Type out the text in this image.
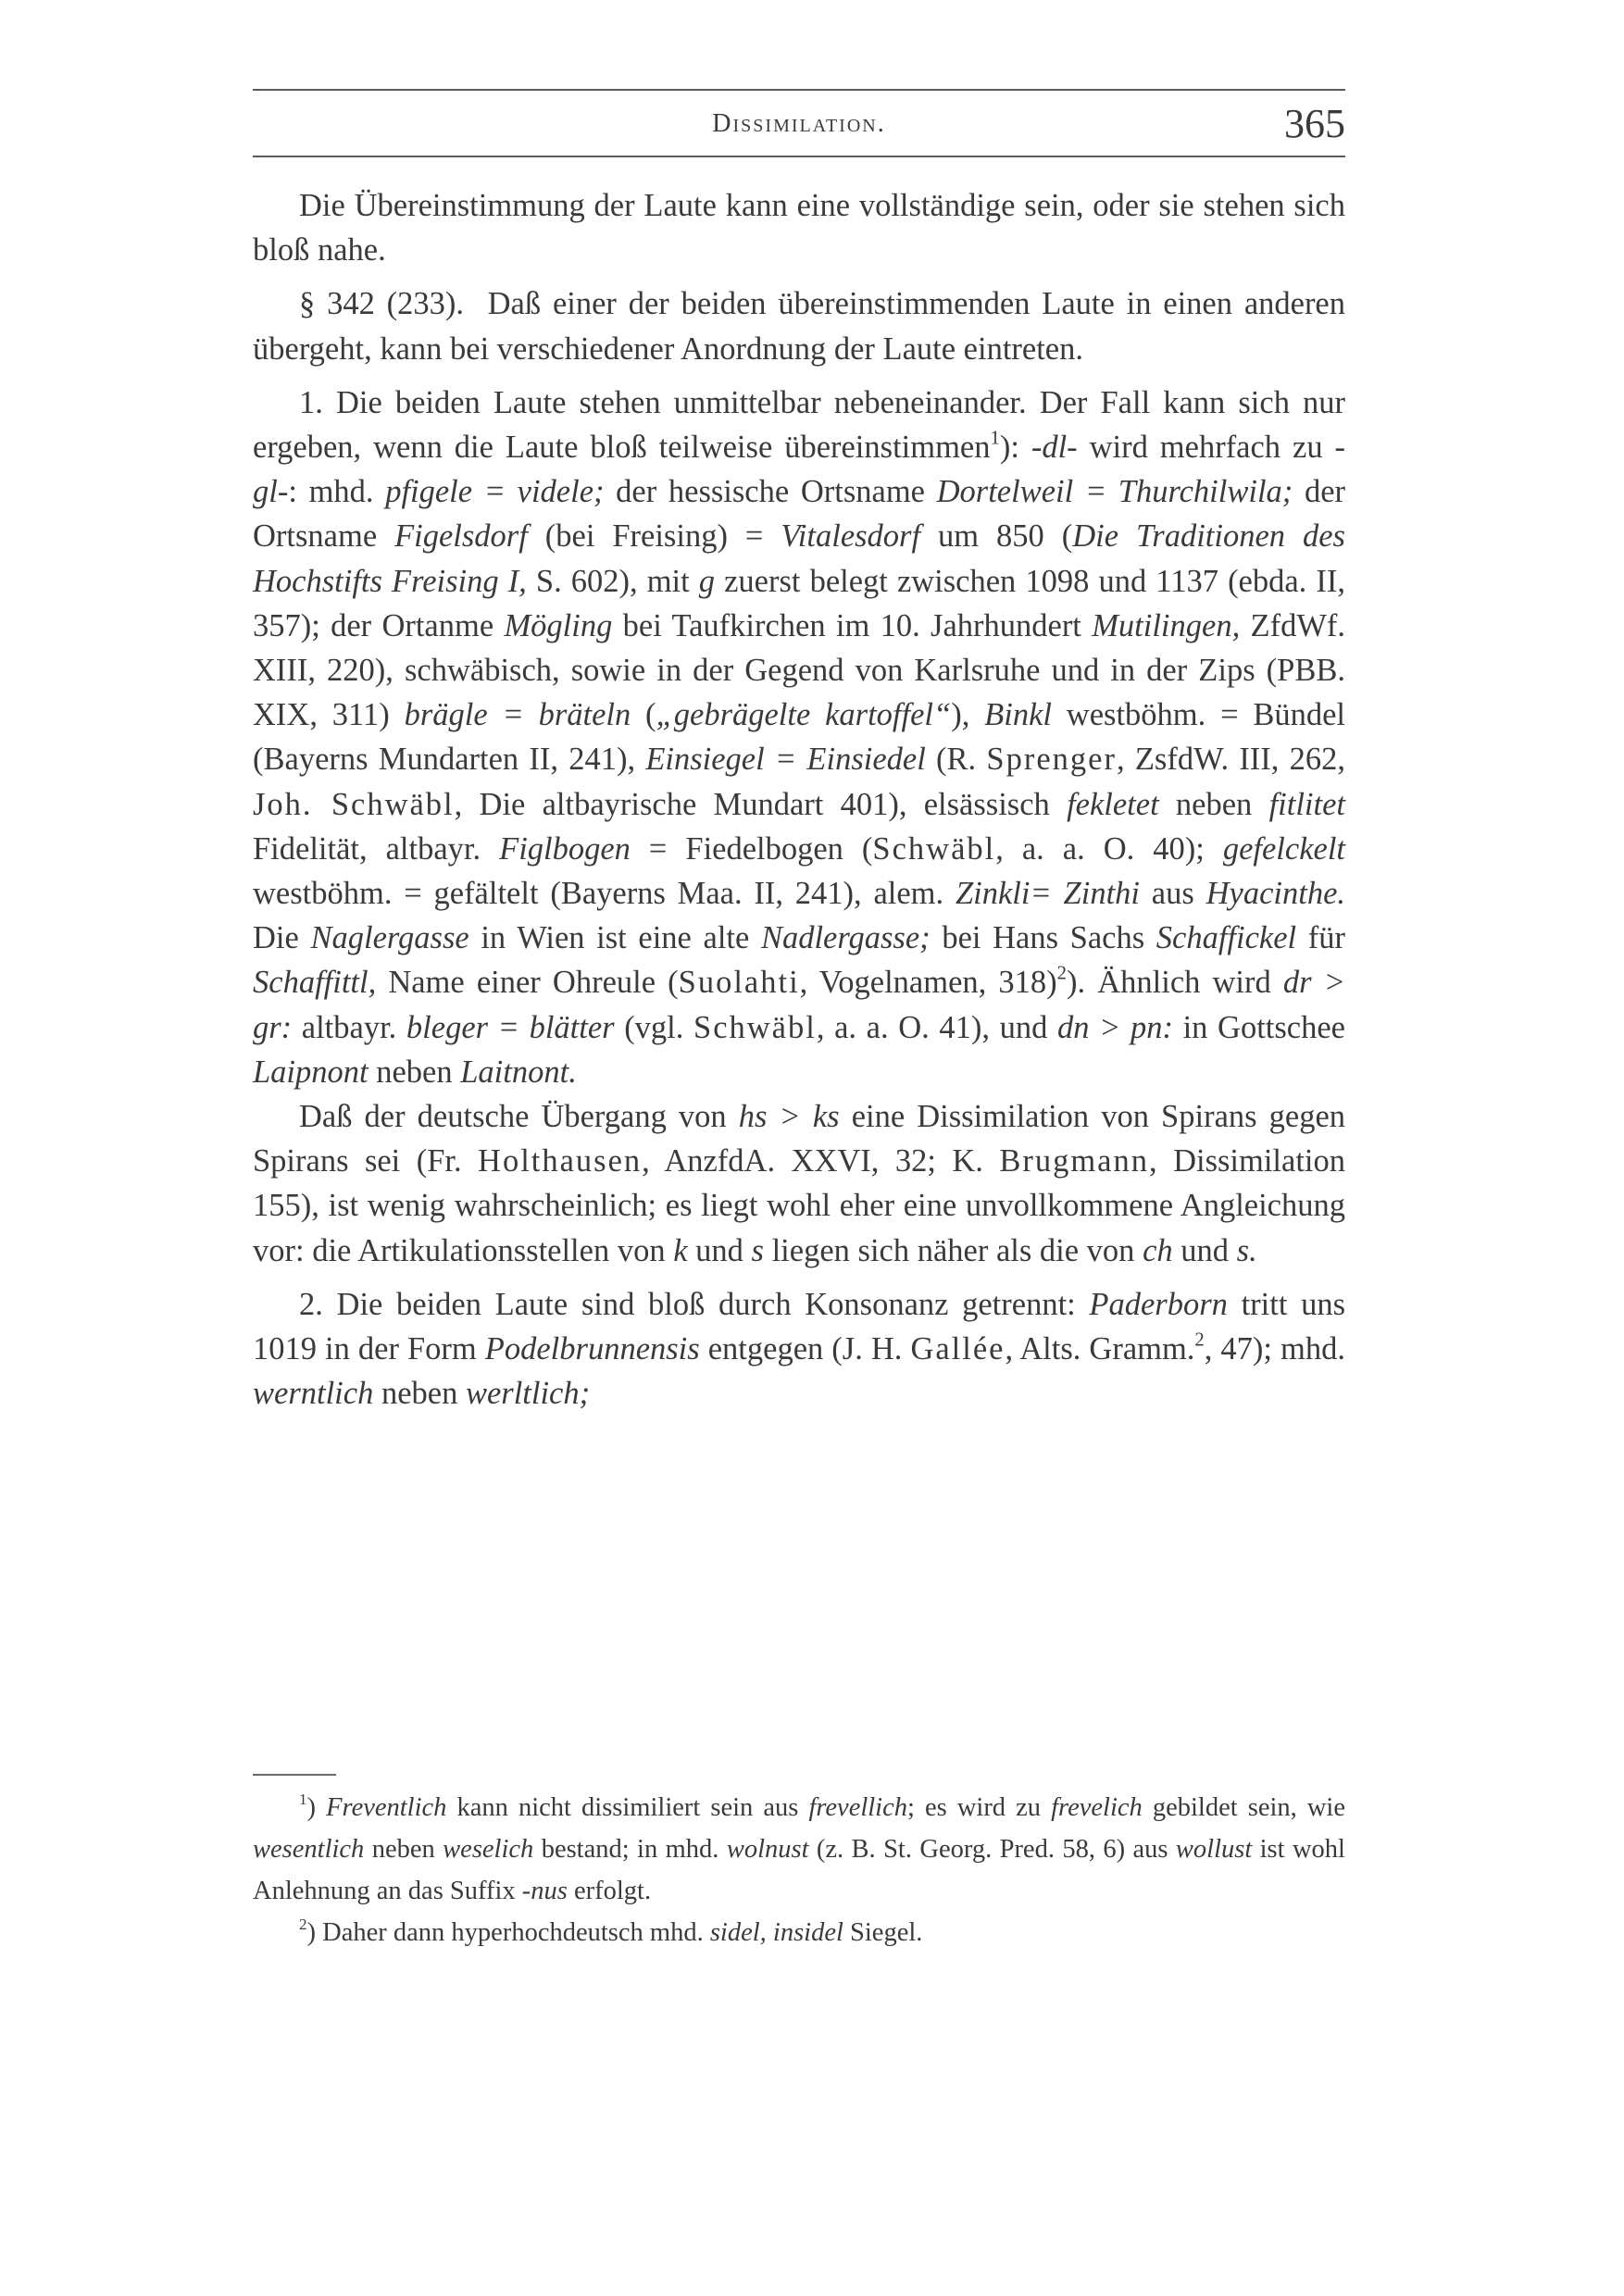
Dissimilation.	365

Die Übereinstimmung der Laute kann eine vollständige sein, oder sie stehen sich bloß nahe.

§ 342 (233). Daß einer der beiden übereinstimmenden Laute in einen anderen übergeht, kann bei verschiedener Anordnung der Laute eintreten.

1. Die beiden Laute stehen unmittelbar nebeneinander. Der Fall kann sich nur ergeben, wenn die Laute bloß teilweise übereinstimmen$^1$): -dl- wird mehrfach zu -gl-: mhd. pfigele = videle; der hessische Ortsname Dortelweil = Thurchilwila; der Ortsname Figelsdorf (bei Freising) = Vitalesdorf um 850 (Die Traditionen des Hochstifts Freising I, S. 602), mit g zuerst belegt zwischen 1098 und 1137 (ebda. II, 357); der Ortanme Mögling bei Taufkirchen im 10. Jahrhundert Mutilingen, ZfdWf. XIII, 220), schwäbisch, sowie in der Gegend von Karlsruhe und in der Zips (PBB. XIX, 311) brägle = bräteln („gebrägelte kartoffel“), Binkl westböhm. = Bündel (Bayerns Mundarten II, 241), Einsiegel = Einsiedel (R. Sprenger, ZsfdW. III, 262, Joh. Schwäbl, Die altbayrische Mundart 401), elsässisch fekletet neben fitlitet Fidelität, altbayr. Figlbogen = Fiedelbogen (Schwäbl, a. a. O. 40); gefelckelt westböhm. = gefältelt (Bayerns Maa. II, 241), alem. Zinkli= Zinthi aus Hyacinthe. Die Naglergasse in Wien ist eine alte Nadlergasse; bei Hans Sachs Schaffickel für Schaffittl, Name einer Ohreule (Suolahti, Vogelnamen, 318)$^2$). Ähnlich wird dr > gr: altbayr. bleger = blätter (vgl. Schwäbl, a. a. O. 41), und dn > pn: in Gottschee Laipnont neben Laitnont.

Daß der deutsche Übergang von hs > ks eine Dissimilation von Spirans gegen Spirans sei (Fr. Holthausen, AnzfdA. XXVI, 32; K. Brugmann, Dissimilation 155), ist wenig wahrscheinlich; es liegt wohl eher eine unvollkommene Angleichung vor: die Artikulationsstellen von k und s liegen sich näher als die von ch und s.

2. Die beiden Laute sind bloß durch Konsonanz getrennt: Paderborn tritt uns 1019 in der Form Podelbrunnensis entgegen (J. H. Gallée, Alts. Gramm.$^2$, 47); mhd. werntlich neben werltlich;

$^1$) Freventlich kann nicht dissimiliert sein aus frevellich; es wird zu frevelich gebildet sein, wie wesentlich neben weselich bestand; in mhd. wolnust (z. B. St. Georg. Pred. 58, 6) aus wollust ist wohl Anlehnung an das Suffix -nus erfolgt.

$^2$) Daher dann hyperhochdeutsch mhd. sidel, insidel Siegel.
